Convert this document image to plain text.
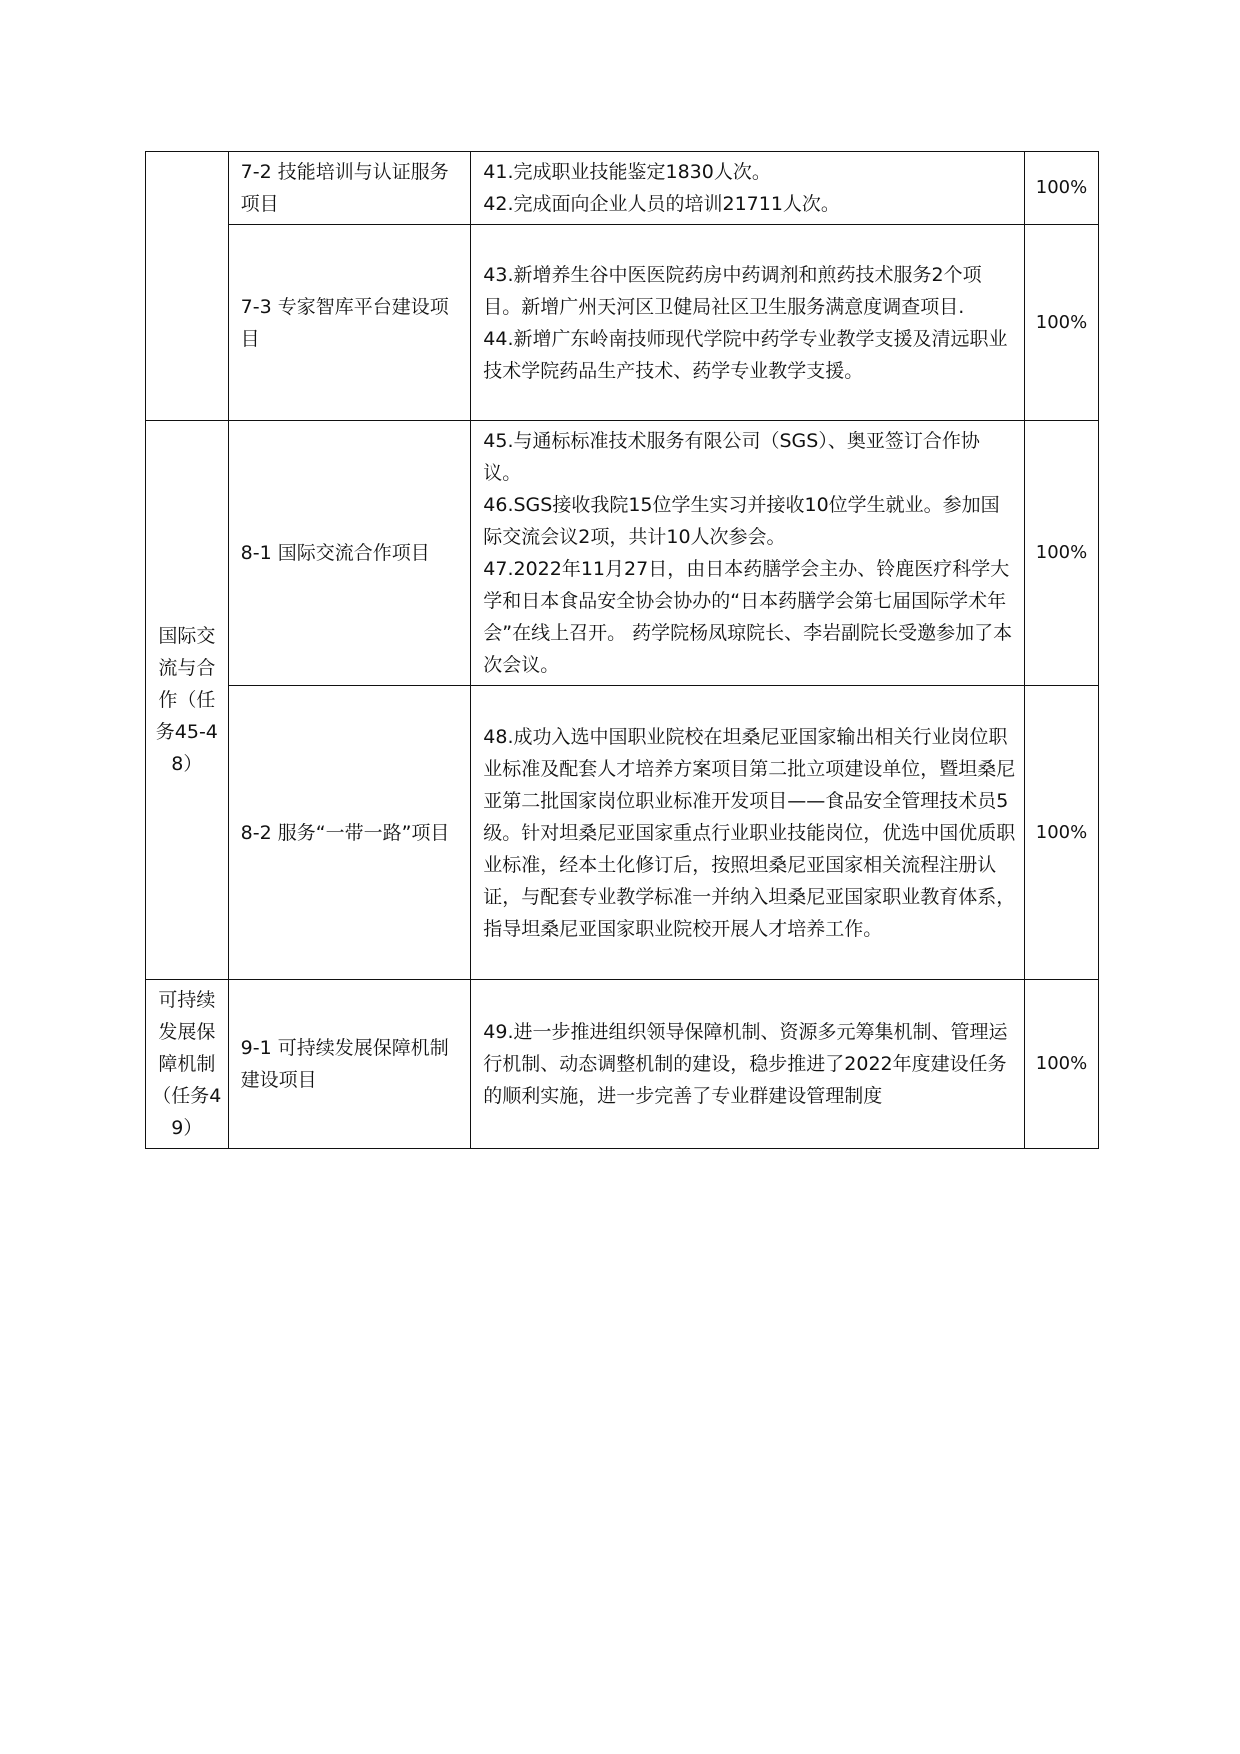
	7-2 技能培训与认证服务项目	41.完成职业技能鉴定1830人次。

42.完成面向企业人员的培训21711人次。	100%
	7-3 专家智库平台建设项目	43.新增养生谷中医医院药房中药调剂和煎药技术服务2个项目。新增广州天河区卫健局社区卫生服务满意度调查项目.

44.新增广东岭南技师现代学院中药学专业教学支援及清远职业技术学院药品生产技术、药学专业教学支援。	100%
国际交流与合作（任务45-48）	8-1 国际交流合作项目	45.与通标标准技术服务有限公司（SGS）、奥亚签订合作协议。

46.SGS接收我院15位学生实习并接收10位学生就业。参加国际交流会议2项，共计10人次参会。

47.2022年11月27日，由日本药膳学会主办、铃鹿医疗科学大学和日本食品安全协会协办的“日本药膳学会第七届国际学术年会”在线上召开。 药学院杨凤琼院长、李岩副院长受邀参加了本次会议。	100%
	8-2 服务“一带一路”项目	48.成功入选中国职业院校在坦桑尼亚国家输出相关行业岗位职业标准及配套人才培养方案项目第二批立项建设单位，暨坦桑尼亚第二批国家岗位职业标准开发项目——食品安全管理技术员5级。针对坦桑尼亚国家重点行业职业技能岗位，优选中国优质职业标准，经本土化修订后，按照坦桑尼亚国家相关流程注册认证，与配套专业教学标准一并纳入坦桑尼亚国家职业教育体系，指导坦桑尼亚国家职业院校开展人才培养工作。	100%
可持续发展保障机制（任务49）	9-1 可持续发展保障机制建设项目	49.进一步推进组织领导保障机制、资源多元筹集机制、管理运行机制、动态调整机制的建设，稳步推进了2022年度建设任务的顺利实施，进一步完善了专业群建设管理制度	100%
